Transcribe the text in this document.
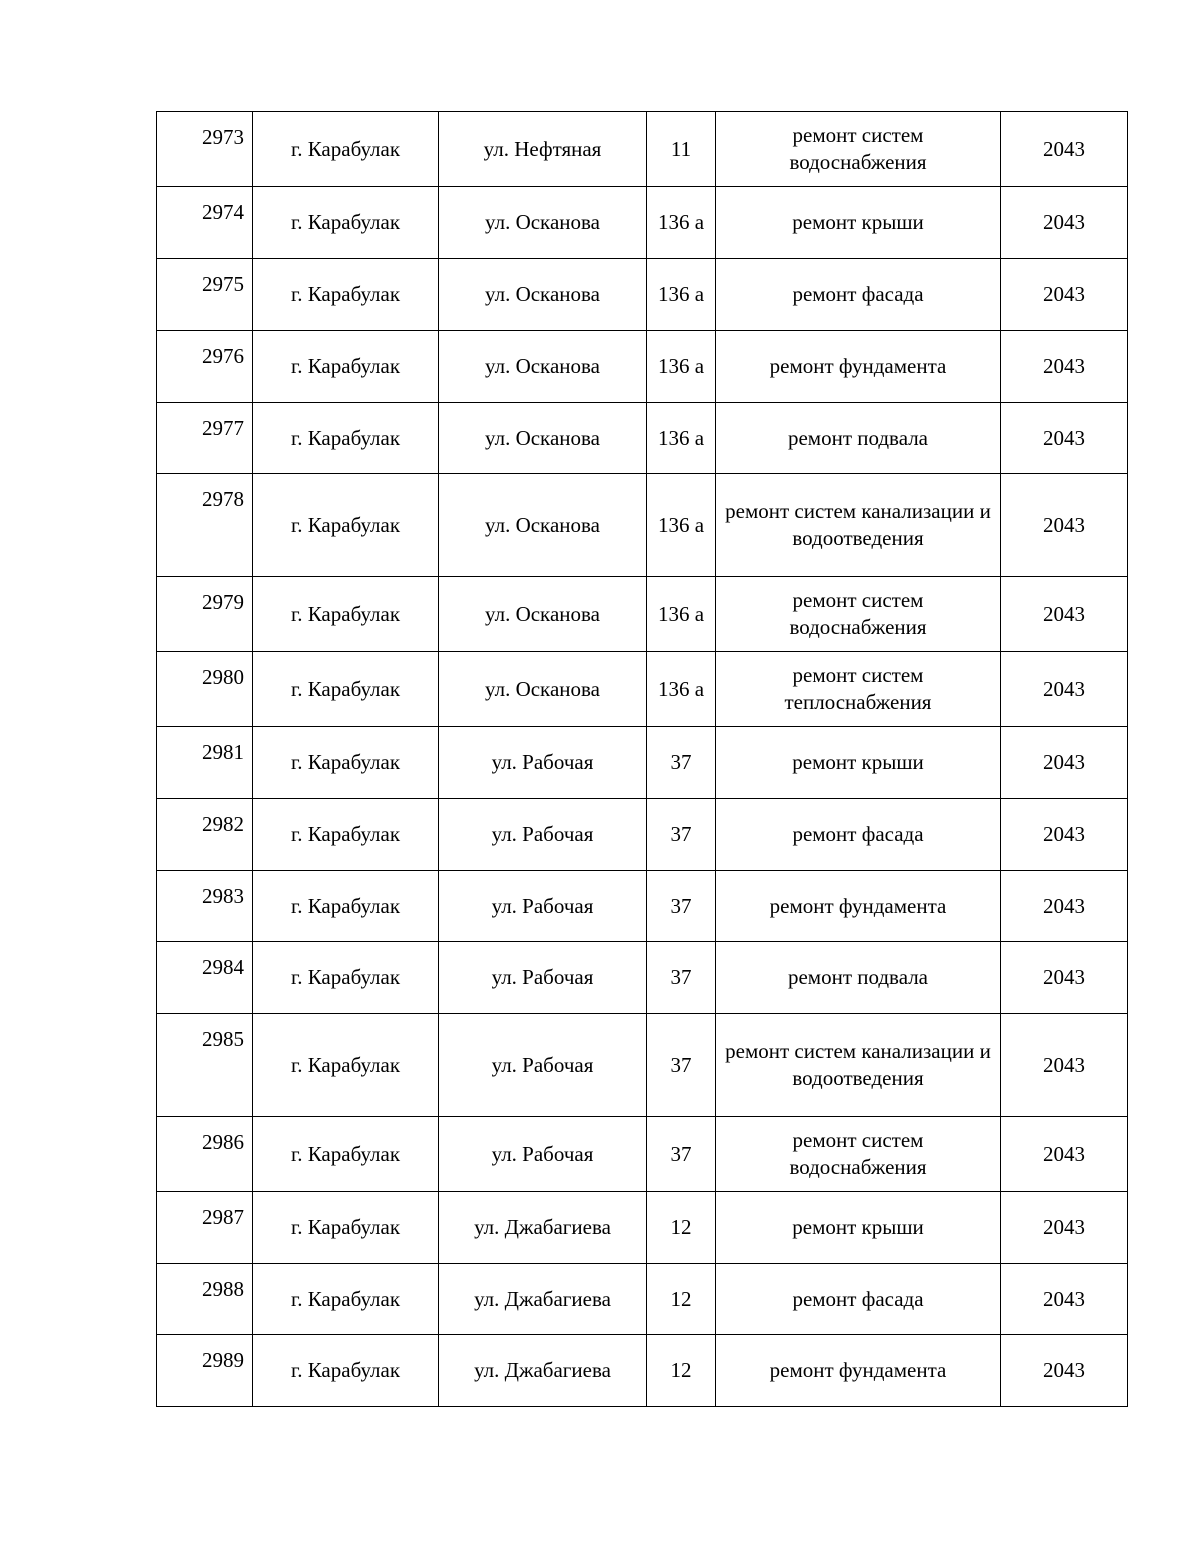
2973	г. Карабулак	ул. Нефтяная	11	ремонт систем водоснабжения	2043
2974	г. Карабулак	ул. Осканова	136 а	ремонт крыши	2043
2975	г. Карабулак	ул. Осканова	136 а	ремонт фасада	2043
2976	г. Карабулак	ул. Осканова	136 а	ремонт фундамента	2043
2977	г. Карабулак	ул. Осканова	136 а	ремонт подвала	2043
2978	г. Карабулак	ул. Осканова	136 а	ремонт систем канализации и водоотведения	2043
2979	г. Карабулак	ул. Осканова	136 а	ремонт систем водоснабжения	2043
2980	г. Карабулак	ул. Осканова	136 а	ремонт систем теплоснабжения	2043
2981	г. Карабулак	ул. Рабочая	37	ремонт крыши	2043
2982	г. Карабулак	ул. Рабочая	37	ремонт фасада	2043
2983	г. Карабулак	ул. Рабочая	37	ремонт фундамента	2043
2984	г. Карабулак	ул. Рабочая	37	ремонт подвала	2043
2985	г. Карабулак	ул. Рабочая	37	ремонт систем канализации и водоотведения	2043
2986	г. Карабулак	ул. Рабочая	37	ремонт систем водоснабжения	2043
2987	г. Карабулак	ул. Джабагиева	12	ремонт крыши	2043
2988	г. Карабулак	ул. Джабагиева	12	ремонт фасада	2043
2989	г. Карабулак	ул. Джабагиева	12	ремонт фундамента	2043
